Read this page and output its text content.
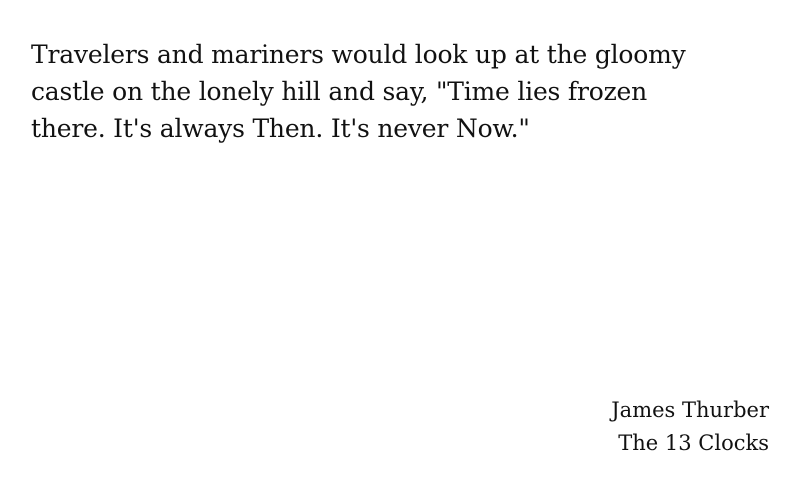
Travelers and mariners would look up at the gloomy
castle on the lonely hill and say, "Time lies frozen
there. It's always Then. It's never Now."

James Thurber
The 13 Clocks
